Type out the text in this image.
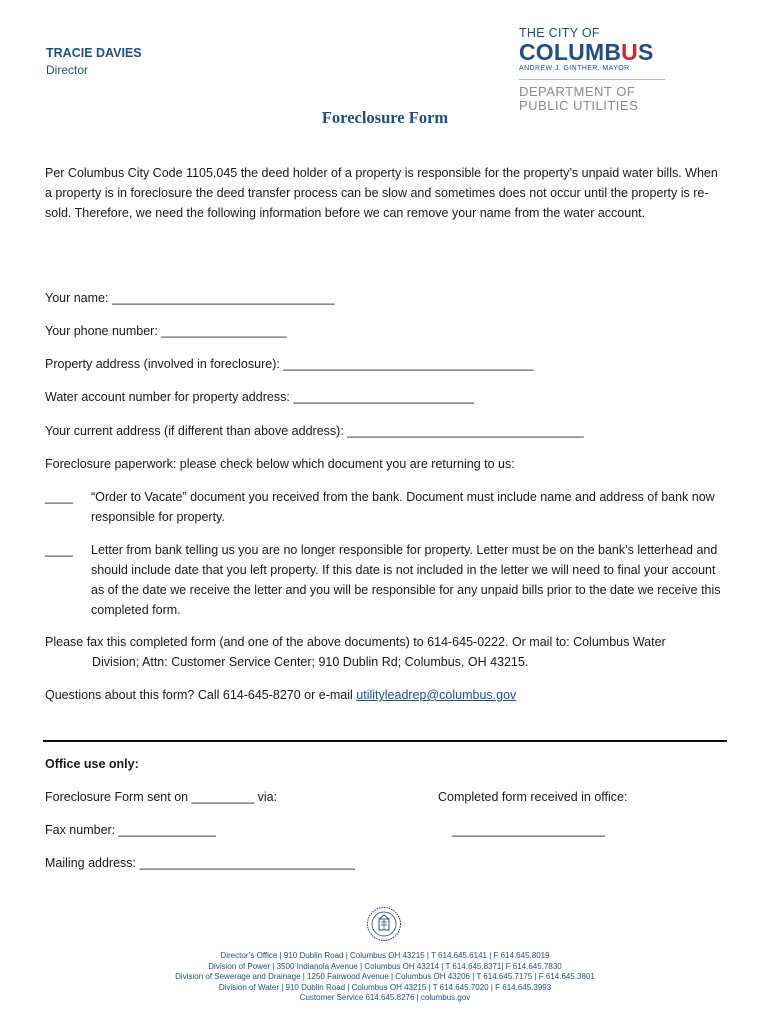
TRACIE DAVIES
Director
THE CITY OF
COLUMBUS
ANDREW J. GINTHER, MAYOR
DEPARTMENT OF
PUBLIC UTILITIES
Foreclosure Form
Per Columbus City Code 1105.045 the deed holder of a property is responsible for the property’s unpaid water bills. When a property is in foreclosure the deed transfer process can be slow and sometimes does not occur until the property is re-sold. Therefore, we need the following information before we can remove your name from the water account.
Your name: ________________________________
Your phone number: __________________
Property address (involved in foreclosure): ____________________________________
Water account number for property address: __________________________
Your current address (if different than above address): __________________________________
Foreclosure paperwork: please check below which document you are returning to us:
____ “Order to Vacate” document you received from the bank. Document must include name and address of bank now responsible for property.
____ Letter from bank telling us you are no longer responsible for property. Letter must be on the bank’s letterhead and should include date that you left property. If this date is not included in the letter we will need to final your account as of the date we receive the letter and you will be responsible for any unpaid bills prior to the date we receive this completed form.
Please fax this completed form (and one of the above documents) to 614-645-0222. Or mail to: Columbus Water
Division; Attn: Customer Service Center; 910 Dublin Rd; Columbus, OH 43215.
Questions about this form? Call 614-645-8270 or e-mail utilityleadrep@columbus.gov
Office use only:
Foreclosure Form sent on _________ via:
Fax number: ______________
Mailing address: _______________________________
Completed form received in office:
______________________
Director’s Office | 910 Dublin Road | Columbus OH 43215 | T 614.645.6141 | F 614.645.8019
Division of Power | 3500 Indianola Avenue | Columbus OH 43214 | T 614.645.8371| F 614.645.7830
Division of Sewerage and Drainage | 1250 Fairwood Avenue | Columbus OH 43206 | T 614.645.7175 | F 614.645.3801
Division of Water | 910 Dublin Road | Columbus OH 43215 | T 614.645.7020 | F 614.645.3993
Customer Service 614.645.8276 | columbus.gov
